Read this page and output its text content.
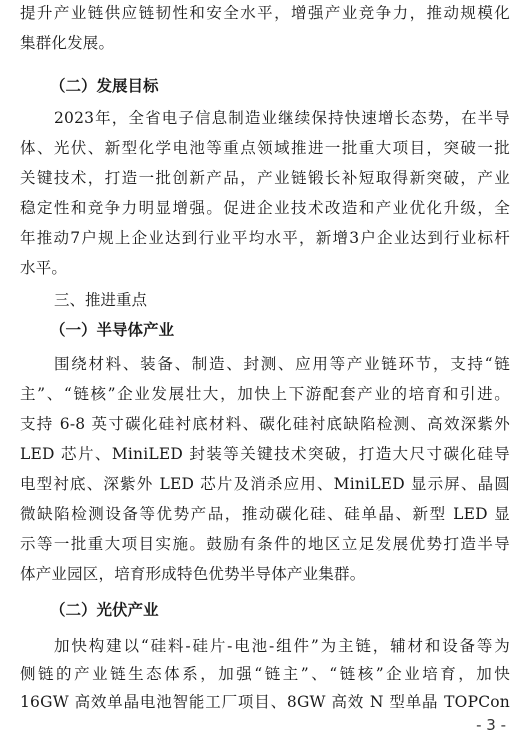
提升产业链供应链韧性和安全水平，增强产业竞争力，推动规模化
集群化发展。
（二）发展目标
2023年，全省电子信息制造业继续保持快速增长态势，在半导
体、光伏、新型化学电池等重点领域推进一批重大项目，突破一批
关键技术，打造一批创新产品，产业链锻长补短取得新突破，产业
稳定性和竞争力明显增强。促进企业技术改造和产业优化升级，全
年推动7户规上企业达到行业平均水平，新增3户企业达到行业标杆
水平。
三、推进重点
（一）半导体产业
围绕材料、装备、制造、封测、应用等产业链环节，支持“链
主”、“链核”企业发展壮大，加快上下游配套产业的培育和引进。
支持 6-8 英寸碳化硅衬底材料、碳化硅衬底缺陷检测、高效深紫外
LED 芯片、MiniLED 封装等关键技术突破，打造大尺寸碳化硅导
电型衬底、深紫外 LED 芯片及消杀应用、MiniLED 显示屏、晶圆
微缺陷检测设备等优势产品，推动碳化硅、硅单晶、新型 LED 显
示等一批重大项目实施。鼓励有条件的地区立足发展优势打造半导
体产业园区，培育形成特色优势半导体产业集群。
（二）光伏产业
加快构建以“硅料-硅片-电池-组件”为主链，辅材和设备等为
侧链的产业链生态体系，加强“链主”、“链核”企业培育，加快
16GW 高效单晶电池智能工厂项目、8GW 高效 N 型单晶 TOPCon
- 3 -
